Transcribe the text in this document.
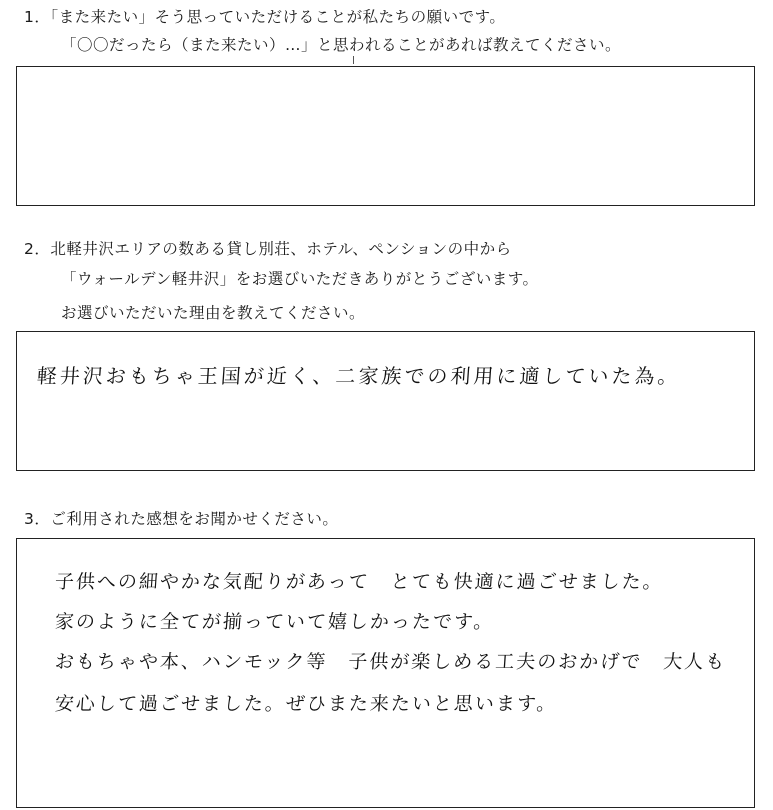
1．「また来たい」そう思っていただけることが私たちの願いです。
「〇〇だったら（また来たい）…」と思われることがあれば教えてください。
2．北軽井沢エリアの数ある貸し別荘、ホテル、ペンションの中から
「ウォールデン軽井沢」をお選びいただきありがとうございます。
お選びいただいた理由を教えてください。
軽井沢おもちゃ王国が近く、二家族での利用に適していた為。
3．ご利用された感想をお聞かせください。
子供への細やかな気配りがあって　とても快適に過ごせました。
家のように全てが揃っていて嬉しかったです。
おもちゃや本、ハンモック等　子供が楽しめる工夫のおかげで　大人も
安心して過ごせました。ぜひまた来たいと思います。
